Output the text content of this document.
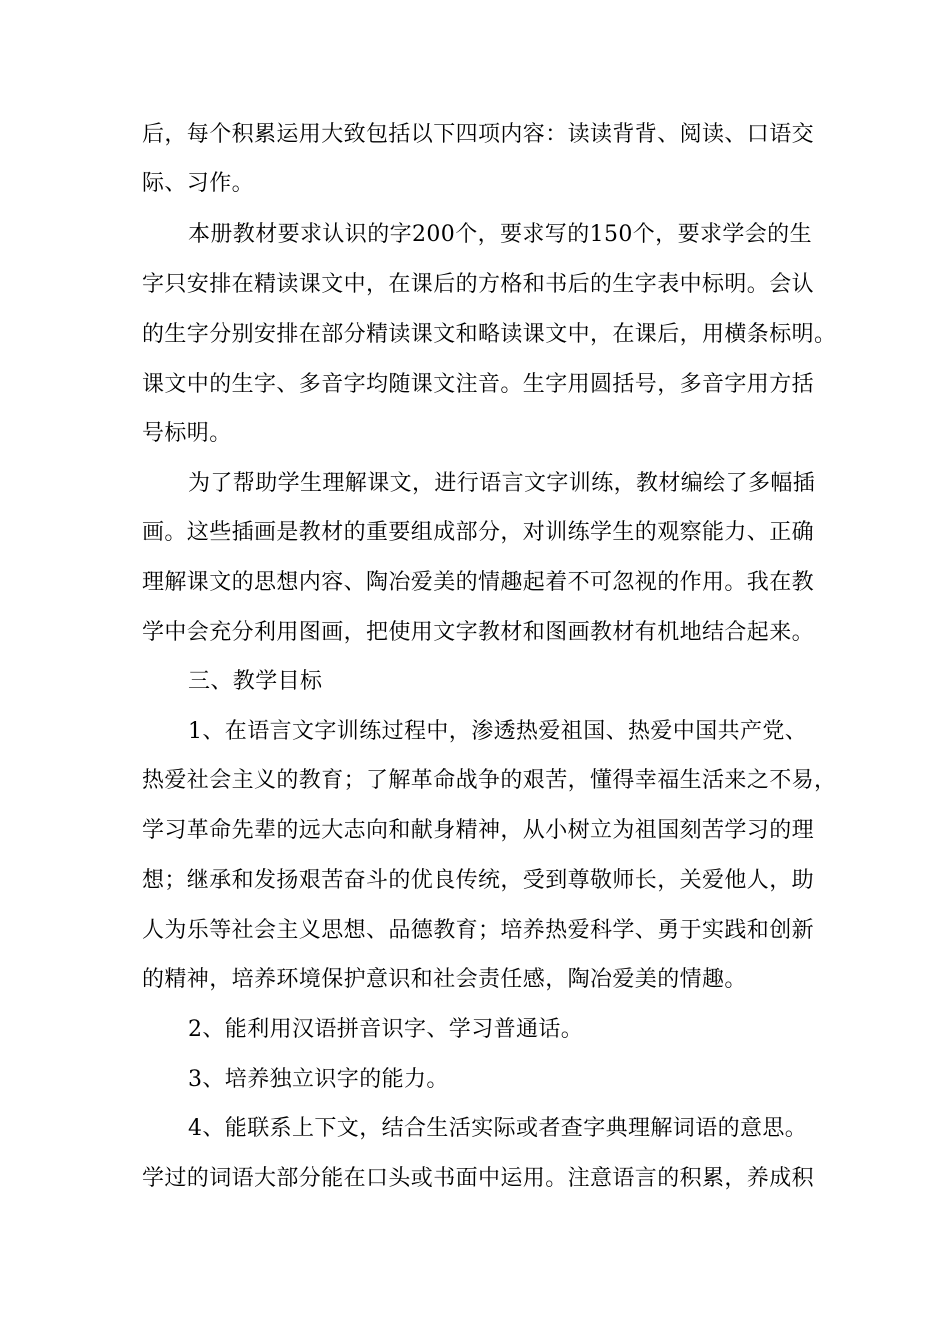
后，每个积累运用大致包括以下四项内容：读读背背、阅读、口语交
际、习作。
本册教材要求认识的字200个，要求写的150个，要求学会的生
字只安排在精读课文中，在课后的方格和书后的生字表中标明。会认
的生字分别安排在部分精读课文和略读课文中，在课后，用横条标明。
课文中的生字、多音字均随课文注音。生字用圆括号，多音字用方括
号标明。
为了帮助学生理解课文，进行语言文字训练，教材编绘了多幅插
画。这些插画是教材的重要组成部分，对训练学生的观察能力、正确
理解课文的思想内容、陶冶爱美的情趣起着不可忽视的作用。我在教
学中会充分利用图画，把使用文字教材和图画教材有机地结合起来。
三、教学目标
1、在语言文字训练过程中，渗透热爱祖国、热爱中国共产党、
热爱社会主义的教育；了解革命战争的艰苦，懂得幸福生活来之不易，
学习革命先辈的远大志向和献身精神，从小树立为祖国刻苦学习的理
想；继承和发扬艰苦奋斗的优良传统，受到尊敬师长，关爱他人，助
人为乐等社会主义思想、品德教育；培养热爱科学、勇于实践和创新
的精神，培养环境保护意识和社会责任感，陶冶爱美的情趣。
2、能利用汉语拼音识字、学习普通话。
3、培养独立识字的能力。
4、能联系上下文，结合生活实际或者查字典理解词语的意思。
学过的词语大部分能在口头或书面中运用。注意语言的积累，养成积
